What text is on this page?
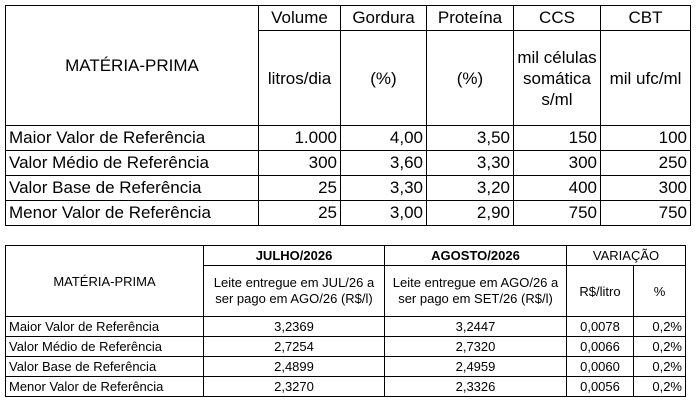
MATÉRIA-PRIMA	Volume	Gordura	Proteína	CCS	CBT
	litros/dia	(%)	(%)	mil células somática s/ml	mil ufc/ml
Maior Valor de Referência	1.000	4,00	3,50	150	100
Valor Médio de Referência	300	3,60	3,30	300	250
Valor Base de Referência	25	3,30	3,20	400	300
Menor Valor de Referência	25	3,00	2,90	750	750
MATÉRIA-PRIMA	JULHO/2026	AGOSTO/2026	VARIAÇÃO	
	Leite entregue em JUL/26 a ser pago em AGO/26 (R$/l)	Leite entregue em AGO/26 a ser pago em SET/26 (R$/l)	R$/litro	%
Maior Valor de Referência	3,2369	3,2447	0,0078	0,2%
Valor Médio de Referência	2,7254	2,7320	0,0066	0,2%
Valor Base de Referência	2,4899	2,4959	0,0060	0,2%
Menor Valor de Referência	2,3270	2,3326	0,0056	0,2%
